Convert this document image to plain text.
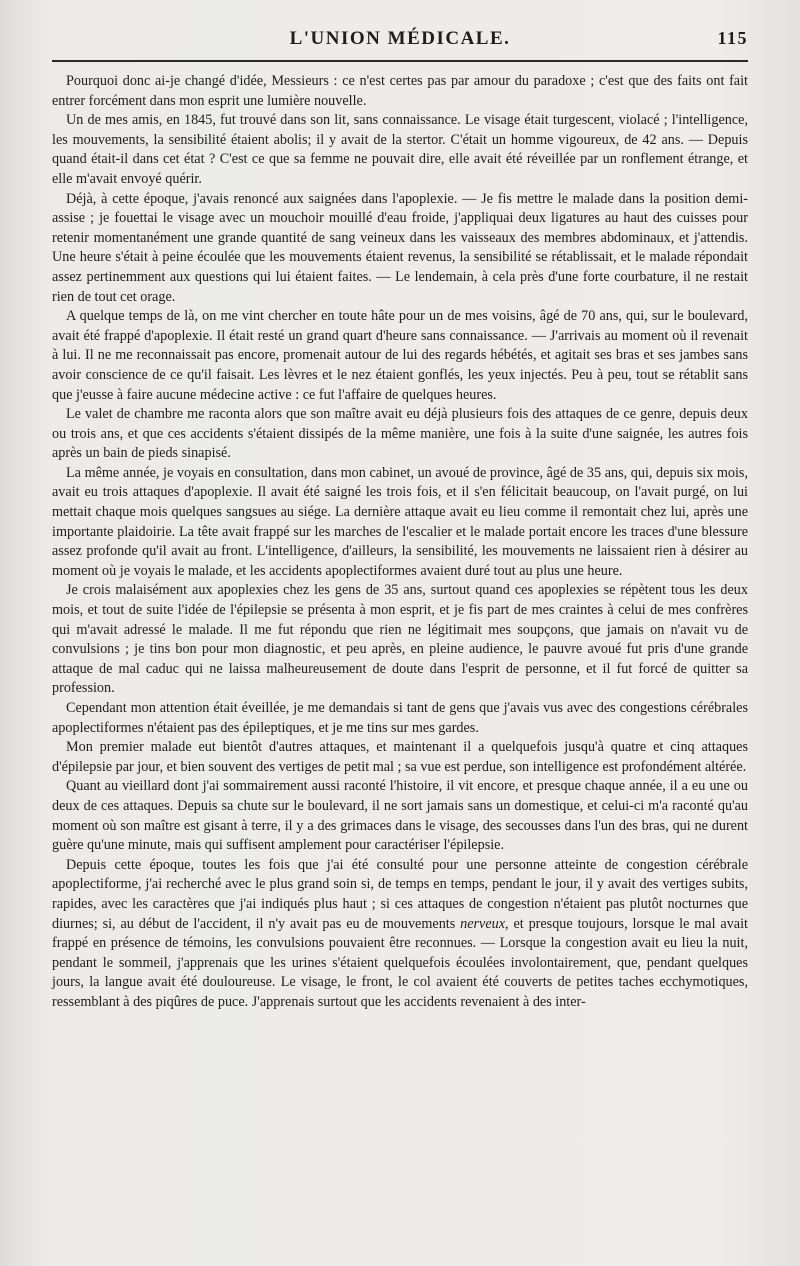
L'UNION MÉDICALE.	115

Pourquoi donc ai-je changé d'idée, Messieurs : ce n'est certes pas par amour du paradoxe ; c'est que des faits ont fait entrer forcément dans mon esprit une lumière nouvelle.

Un de mes amis, en 1845, fut trouvé dans son lit, sans connaissance. Le visage était turgescent, violacé ; l'intelligence, les mouvements, la sensibilité étaient abolis; il y avait de la stertor. C'était un homme vigoureux, de 42 ans. — Depuis quand était-il dans cet état ? C'est ce que sa femme ne pouvait dire, elle avait été réveillée par un ronflement étrange, et elle m'avait envoyé quérir.

Déjà, à cette époque, j'avais renoncé aux saignées dans l'apoplexie. — Je fis mettre le malade dans la position demi-assise ; je fouettai le visage avec un mouchoir mouillé d'eau froide, j'appliquai deux ligatures au haut des cuisses pour retenir momentanément une grande quantité de sang veineux dans les vaisseaux des membres abdominaux, et j'attendis. Une heure s'était à peine écoulée que les mouvements étaient revenus, la sensibilité se rétablissait, et le malade répondait assez pertinemment aux questions qui lui étaient faites. — Le lendemain, à cela près d'une forte courbature, il ne restait rien de tout cet orage.

A quelque temps de là, on me vint chercher en toute hâte pour un de mes voisins, âgé de 70 ans, qui, sur le boulevard, avait été frappé d'apoplexie. Il était resté un grand quart d'heure sans connaissance. — J'arrivais au moment où il revenait à lui. Il ne me reconnaissait pas encore, promenait autour de lui des regards hébétés, et agitait ses bras et ses jambes sans avoir conscience de ce qu'il faisait. Les lèvres et le nez étaient gonflés, les yeux injectés. Peu à peu, tout se rétablit sans que j'eusse à faire aucune médecine active : ce fut l'affaire de quelques heures.

Le valet de chambre me raconta alors que son maître avait eu déjà plusieurs fois des attaques de ce genre, depuis deux ou trois ans, et que ces accidents s'étaient dissipés de la même manière, une fois à la suite d'une saignée, les autres fois après un bain de pieds sinapisé.

La même année, je voyais en consultation, dans mon cabinet, un avoué de province, âgé de 35 ans, qui, depuis six mois, avait eu trois attaques d'apoplexie. Il avait été saigné les trois fois, et il s'en félicitait beaucoup, on l'avait purgé, on lui mettait chaque mois quelques sangsues au siége. La dernière attaque avait eu lieu comme il remontait chez lui, après une importante plaidoirie. La tête avait frappé sur les marches de l'escalier et le malade portait encore les traces d'une blessure assez profonde qu'il avait au front. L'intelligence, d'ailleurs, la sensibilité, les mouvements ne laissaient rien à désirer au moment où je voyais le malade, et les accidents apoplectiformes avaient duré tout au plus une heure.

Je crois malaisément aux apoplexies chez les gens de 35 ans, surtout quand ces apoplexies se répètent tous les deux mois, et tout de suite l'idée de l'épilepsie se présenta à mon esprit, et je fis part de mes craintes à celui de mes confrères qui m'avait adressé le malade. Il me fut répondu que rien ne légitimait mes soupçons, que jamais on n'avait vu de convulsions ; je tins bon pour mon diagnostic, et peu après, en pleine audience, le pauvre avoué fut pris d'une grande attaque de mal caduc qui ne laissa malheureusement de doute dans l'esprit de personne, et il fut forcé de quitter sa profession.

Cependant mon attention était éveillée, je me demandais si tant de gens que j'avais vus avec des congestions cérébrales apoplectiformes n'étaient pas des épileptiques, et je me tins sur mes gardes.

Mon premier malade eut bientôt d'autres attaques, et maintenant il a quelquefois jusqu'à quatre et cinq attaques d'épilepsie par jour, et bien souvent des vertiges de petit mal ; sa vue est perdue, son intelligence est profondément altérée.

Quant au vieillard dont j'ai sommairement aussi raconté l'histoire, il vit encore, et presque chaque année, il a eu une ou deux de ces attaques. Depuis sa chute sur le boulevard, il ne sort jamais sans un domestique, et celui-ci m'a raconté qu'au moment où son maître est gisant à terre, il y a des grimaces dans le visage, des secousses dans l'un des bras, qui ne durent guère qu'une minute, mais qui suffisent amplement pour caractériser l'épilepsie.

Depuis cette époque, toutes les fois que j'ai été consulté pour une personne atteinte de congestion cérébrale apoplectiforme, j'ai recherché avec le plus grand soin si, de temps en temps, pendant le jour, il y avait des vertiges subits, rapides, avec les caractères que j'ai indiqués plus haut ; si ces attaques de congestion n'étaient pas plutôt nocturnes que diurnes; si, au début de l'accident, il n'y avait pas eu de mouvements nerveux, et presque toujours, lorsque le mal avait frappé en présence de témoins, les convulsions pouvaient être reconnues. — Lorsque la congestion avait eu lieu la nuit, pendant le sommeil, j'apprenais que les urines s'étaient quelquefois écoulées involontairement, que, pendant quelques jours, la langue avait été douloureuse. Le visage, le front, le col avaient été couverts de petites taches ecchymotiques, ressemblant à des piqûres de puce. J'apprenais surtout que les accidents revenaient à des inter-
